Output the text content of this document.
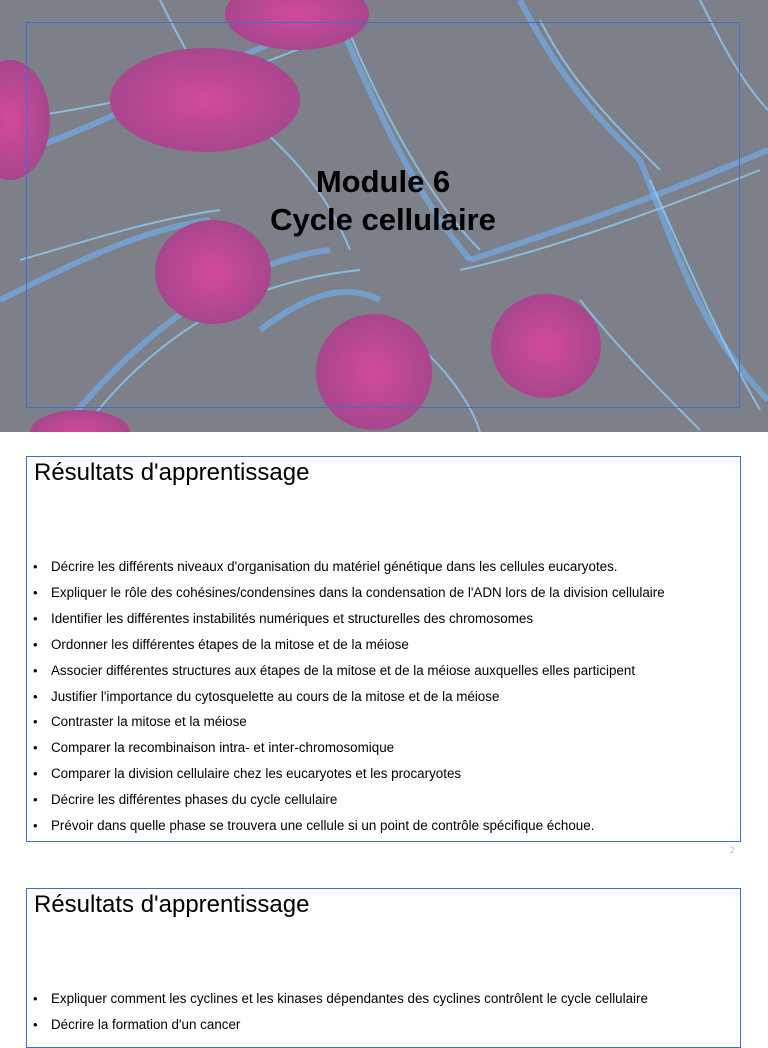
Module 6
Cycle cellulaire
Résultats d'apprentissage
• Décrire les différents niveaux d'organisation du matériel génétique dans les cellules eucaryotes.
• Expliquer le rôle des cohésines/condensines dans la condensation de l'ADN lors de la division cellulaire
• Identifier les différentes instabilités numériques et structurelles des chromosomes
• Ordonner les différentes étapes de la mitose et de la méiose
• Associer différentes structures aux étapes de la mitose et de la méiose auxquelles elles participent
• Justifier l'importance du cytosquelette au cours de la mitose et de la méiose
• Contraster la mitose et la méiose
• Comparer la recombinaison intra- et inter-chromosomique
• Comparer la division cellulaire chez les eucaryotes et les procaryotes
• Décrire les différentes phases du cycle cellulaire
• Prévoir dans quelle phase se trouvera une cellule si un point de contrôle spécifique échoue.
2
Résultats d'apprentissage
• Expliquer comment les cyclines et les kinases dépendantes des cyclines contrôlent le cycle cellulaire
• Décrire la formation d'un cancer
